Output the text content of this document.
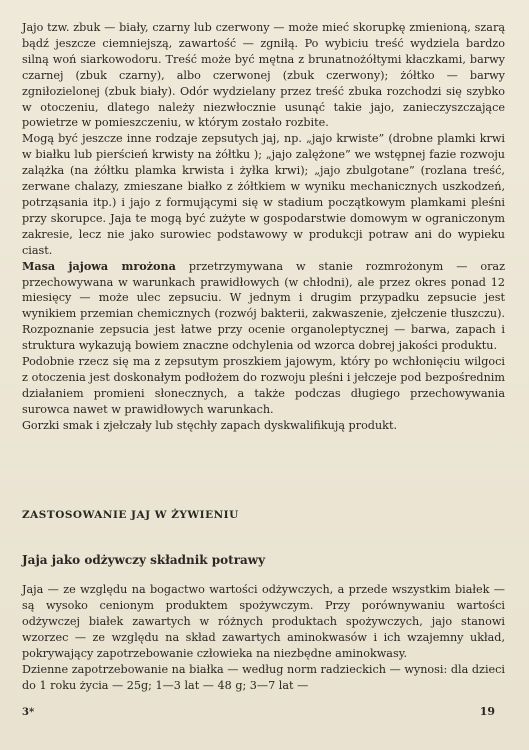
Jajo tzw. zbuk — biały, czarny lub czerwony — może mieć skorupkę zmienioną, szarą bądź jeszcze ciemniejszą, zawartość — zgniłą. Po wybiciu treść wydziela bardzo silną woń siarkowodoru. Treść może być mętna z brunatnożółtymi kłaczkami, barwy czarnej (zbuk czarny), albo czerwonej (zbuk czerwony); żółtko — barwy zgniłozielonej (zbuk biały). Odór wydzielany przez treść zbuka rozchodzi się szybko w otoczeniu, dlatego należy niezwłocznie usunąć takie jajo, zanieczyszczające powietrze w pomieszczeniu, w którym zostało rozbite.

Mogą być jeszcze inne rodzaje zepsutych jaj, np. „jajo krwiste” (drobne plamki krwi w białku lub pierścień krwisty na żółtku ); „jajo zalężone” we wstępnej fazie rozwoju zalążka (na żółtku plamka krwista i żyłka krwi); „jajo zbulgotane” (rozlana treść, zerwane chalazy, zmieszane białko z żółtkiem w wyniku mechanicznych uszkodzeń, potrząsania itp.) i jajo z formującymi się w stadium początkowym plamkami pleśni przy skorupce. Jaja te mogą być zużyte w gospodarstwie domowym w ograniczonym zakresie, lecz nie jako surowiec podstawowy w produkcji potraw ani do wypieku ciast.

Masa jajowa mrożona przetrzymywana w stanie rozmrożonym — oraz przechowywana w warunkach prawidłowych (w chłodni), ale przez okres ponad 12 miesięcy — może ulec zepsuciu. W jednym i drugim przypadku zepsucie jest wynikiem przemian chemicznych (rozwój bakterii, zakwaszenie, zjełczenie tłuszczu). Rozpoznanie zepsucia jest łatwe przy ocenie organoleptycznej — barwa, zapach i struktura wykazują bowiem znaczne odchylenia od wzorca dobrej jakości produktu.

Podobnie rzecz się ma z zepsutym proszkiem jajowym, który po wchłonięciu wilgoci z otoczenia jest doskonałym podłożem do rozwoju pleśni i jełczeje pod bezpośrednim działaniem promieni słonecznych, a także podczas długiego przechowywania surowca nawet w prawidłowych warunkach.

Gorzki smak i zjełczały lub stęchły zapach dyskwalifikują produkt.

ZASTOSOWANIE JAJ W ŻYWIENIU
Jaja jako odżywczy składnik potrawy

Jaja — ze względu na bogactwo wartości odżywczych, a przede wszystkim białek — są wysoko cenionym produktem spożywczym. Przy porównywaniu wartości odżywczej białek zawartych w różnych produktach spożywczych, jajo stanowi wzorzec — ze względu na skład zawartych aminokwasów i ich wzajemny układ, pokrywający zapotrzebowanie człowieka na niezbędne aminokwasy.

Dzienne zapotrzebowanie na białka — według norm radzieckich — wynosi: dla dzieci do 1 roku życia — 25g; 1—3 lat — 48 g; 3—7 lat —

3*	19
